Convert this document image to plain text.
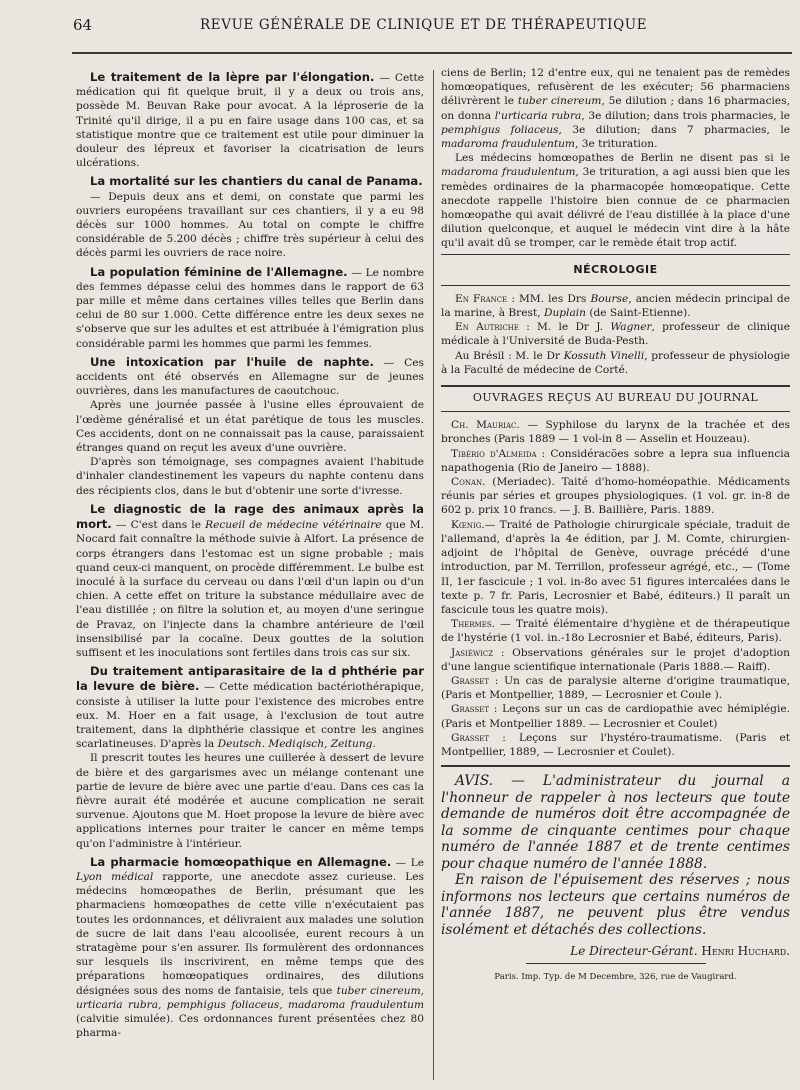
64	REVUE GÉNÉRALE DE CLINIQUE ET DE THÉRAPEUTIQUE

Le traitement de la lèpre par l'élongation. — Cette médication qui fit quelque bruit, il y a deux ou trois ans, possède M. Beuvan Rake pour avocat. A la léproserie de la Trinité qu'il dirige, il a pu en faire usage dans 100 cas, et sa statistique montre que ce traitement est utile pour diminuer la douleur des lépreux et favoriser la cicatrisation de leurs ulcérations.

La mortalité sur les chantiers du canal de Panama.

— Depuis deux ans et demi, on constate que parmi les ouvriers européens travaillant sur ces chantiers, il y a eu 98 décès sur 1000 hommes. Au total on compte le chiffre considérable de 5.200 décès ; chiffre très supérieur à celui des décès parmi les ouvriers de race noire.

La population féminine de l'Allemagne. — Le nombre des femmes dépasse celui des hommes dans le rapport de 63 par mille et même dans certaines villes telles que Berlin dans celui de 80 sur 1.000. Cette différence entre les deux sexes ne s'observe que sur les adultes et est attribuée à l'émigration plus considérable parmi les hommes que parmi les femmes.

Une intoxication par l'huile de naphte. — Ces accidents ont été observés en Allemagne sur de jeunes ouvrières, dans les manufactures de caoutchouc.

Après une journée passée à l'usine elles éprouvaient de l'œdème généralisé et un état parétique de tous les muscles. Ces accidents, dont on ne connaissait pas la cause, paraissaient étranges quand on reçut les aveux d'une ouvrière.

D'après son témoignage, ses compagnes avaient l'habitude d'inhaler clandestinement les vapeurs du naphte contenu dans des récipients clos, dans le but d'obtenir une sorte d'ivresse.

Le diagnostic de la rage des animaux après la mort. — C'est dans le Recueil de médecine vétérinaire que M. Nocard fait connaître la méthode suivie à Alfort. La présence de corps étrangers dans l'estomac est un signe probable ; mais quand ceux-ci manquent, on procède différemment. Le bulbe est inoculé à la surface du cerveau ou dans l'œil d'un lapin ou d'un chien. A cette effet on triture la substance médullaire avec de l'eau distillée ; on filtre la solution et, au moyen d'une seringue de Pravaz, on l'injecte dans la chambre antérieure de l'œil insensibilisé par la cocaïne. Deux gouttes de la solution suffisent et les inoculations sont fertiles dans trois cas sur six.

Du traitement antiparasitaire de la d phthérie par la levure de bière. — Cette médication bactériothérapique, consiste à utiliser la lutte pour l'existence des microbes entre eux. M. Hoer en a fait usage, à l'exclusion de tout autre traitement, dans la diphthérie classique et contre les angines scarlatineuses. D'après la Deutsch. Mediqisch, Zeitung.

Il prescrit toutes les heures une cuillerée à dessert de levure de bière et des gargarismes avec un mélange contenant une partie de levure de bière avec une partie d'eau. Dans ces cas la fièvre aurait été modérée et aucune complication ne serait survenue. Ajoutons que M. Hoet propose la levure de bière avec applications internes pour traiter le cancer en même temps qu'on l'administre à l'intérieur.

La pharmacie homœopathique en Allemagne. — Le Lyon médical rapporte, une anecdote assez curieuse. Les médecins homœopathes de Berlin, présumant que les pharmaciens homœopathes de cette ville n'exécutaient pas toutes les ordonnances, et délivraient aux malades une solution de sucre de lait dans l'eau alcoolisée, eurent recours à un stratagème pour s'en assurer. Ils formulèrent des ordonnances sur lesquels ils inscrivirent, en même temps que des préparations homœopatiques ordinaires, des dilutions désignées sous des noms de fantaisie, tels que tuber cinereum, urticaria rubra, pemphigus foliaceus, madaroma fraudulentum (calvitie simulée). Ces ordonnances furent présentées chez 80 pharma-

ciens de Berlin; 12 d'entre eux, qui ne tenaient pas de remèdes homœopatiques, refusèrent de les exécuter; 56 pharmaciens délivrèrent le tuber cinereum, 5e dilution ; dans 16 pharmacies, on donna l'urticaria rubra, 3e dilution; dans trois pharmacies, le pemphigus foliaceus, 3e dilution; dans 7 pharmacies, le madaroma fraudulentum, 3e trituration.

Les médecins homœopathes de Berlin ne disent pas si le madaroma fraudulentum, 3e trituration, a agi aussi bien que les remèdes ordinaires de la pharmacopée homœopatique. Cette anecdote rappelle l'histoire bien connue de ce pharmacien homœopathe qui avait délivré de l'eau distillée à la place d'une dilution quelconque, et auquel le médecin vint dire à la hâte qu'il avait dû se tromper, car le remède était trop actif.

NÉCROLOGIE

En France : MM. les Drs Bourse, ancien médecin principal de la marine, à Brest, Duplain (de Saint-Etienne).

En Autriche : M. le Dr J. Wagner, professeur de clinique médicale à l'Université de Buda-Pesth.

Au Brésil : M. le Dr Kossuth Vinelli, professeur de physiologie à la Faculté de médecine de Corté.

OUVRAGES REÇUS AU BUREAU DU JOURNAL

Ch. Mauriac. — Syphilose du larynx de la trachée et des bronches (Paris 1889 — 1 vol-in 8 — Asselin et Houzeau).

Tibério d'Almeida : Considéracões sobre a lepra sua influencia napathogenia (Rio de Janeiro — 1888).

Conan. (Meriadec). Taité d'homo-homéopathie. Médicaments réunis par séries et groupes physiologiques. (1 vol. gr. in-8 de 602 p. prix 10 francs. — J. B. Baillière, Paris. 1889.

Kœnig.— Traité de Pathologie chirurgicale spéciale, traduit de l'allemand, d'après la 4e édition, par J. M. Comte, chirurgien-adjoint de l'hôpital de Genève, ouvrage précédé d'une introduction, par M. Terrillon, professeur agrégé, etc., — (Tome II, 1er fascicule ; 1 vol. in-8o avec 51 figures intercalées dans le texte p. 7 fr. Paris, Lecrosnier et Babé, éditeurs.) Il paraît un fascicule tous les quatre mois).

Thermes. — Traité élémentaire d'hygiène et de thérapeutique de l'hystérie (1 vol. in.-18o Lecrosnier et Babé, éditeurs, Paris).

Jasiéwicz : Observations générales sur le projet d'adoption d'une langue scientifique internationale (Paris 1888.— Raiff).

Grasset : Un cas de paralysie alterne d'origine traumatique, (Paris et Montpellier, 1889, — Lecrosnier et Coule ).

Grasset : Leçons sur un cas de cardiopathie avec hémiplégie. (Paris et Montpellier 1889. — Lecrosnier et Coulet)

Grasset : Leçons sur l'hystéro-traumatisme. (Paris et Montpellier, 1889, — Lecrosnier et Coulet).

AVIS. — L'administrateur du journal a l'honneur de rappeler à nos lecteurs que toute demande de numéros doit être accompagnée de la somme de cinquante centimes pour chaque numéro de l'année 1887 et de trente centimes pour chaque numéro de l'année 1888.

En raison de l'épuisement des réserves ; nous informons nos lecteurs que certains numéros de l'année 1887, ne peuvent plus être vendus isolément et détachés des collections.

Le Directeur-Gérant. Henri Huchard.
Paris. Imp. Typ. de M Decembre, 326, rue de Vaugirard.
